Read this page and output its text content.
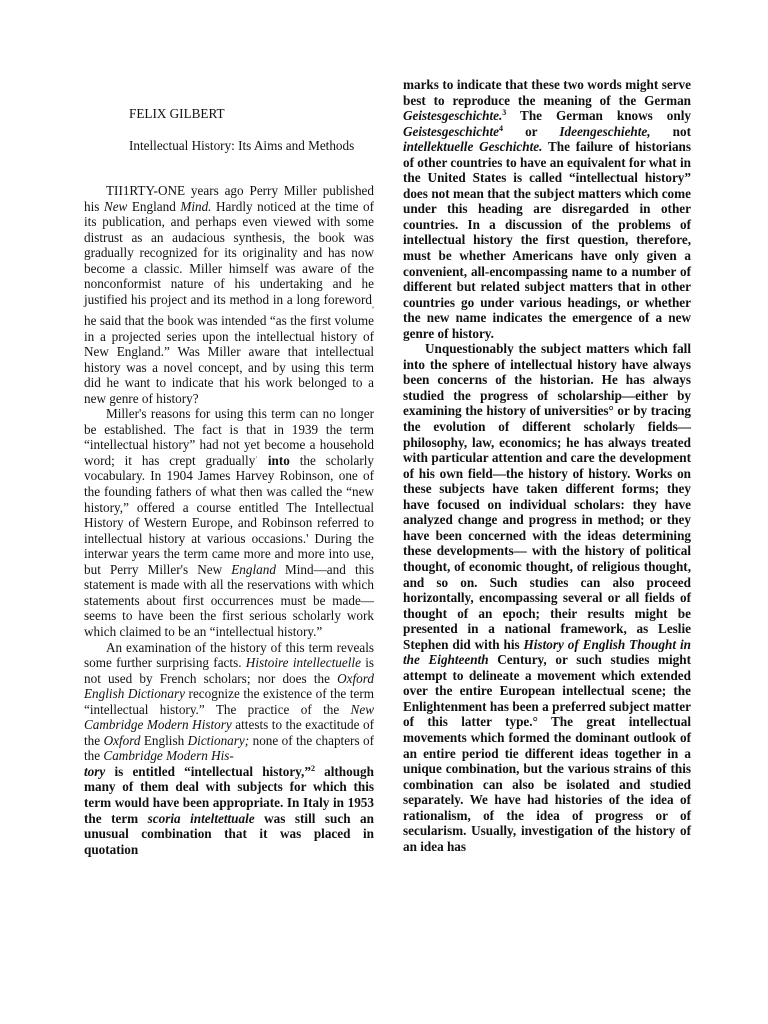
FELIX GILBERT

Intellectual History: Its Aims and Methods

TII1RTY-ONE years ago Perry Miller published his New England Mind. Hardly noticed at the time of its publication, and perhaps even viewed with some distrust as an audacious synthesis, the book was gradually recognized for its originality and has now become a classic. Miller himself was aware of the nonconformist nature of his undertaking and he justified his project and its method in a long foreword$_,$ he said that the book was intended “as the first volume in a projected series upon the intellectual history of New England.” Was Miller aware that intellectual history was a novel concept, and by using this term did he want to indicate that his work belonged to a new genre of history?

Miller's reasons for using this term can no longer be established. The fact is that in 1939 the term “intellectual history” had not yet become a household word; it has crept gradually· into the scholarly vocabulary. In 1904 James Harvey Robinson, one of the founding fathers of what then was called the “new history,” offered a course entitled The Intellectual History of Western Europe, and Robinson referred to intellectual history at various occasions.' During the interwar years the term came more and more into use, but Perry Miller's New England Mind—and this statement is made with all the reservations with which statements about first occurrences must be made—seems to have been the first serious scholarly work which claimed to be an “intellectual history.”

An examination of the history of this term reveals some further surprising facts. Histoire intellectuelle is not used by French scholars; nor does the Oxford English Dictionary recognize the existence of the term “intellectual history.” The practice of the New Cambridge Modern History attests to the exactitude of the Oxford English Dictionary; none of the chapters of the Cambridge Modern His-
tory is entitled “intellectual history,”$^2$ although many of them deal with subjects for which this term would have been appropriate. In Italy in 1953 the term scoria inteltettuale was still such an unusual combination that it was placed in quotation

marks to indicate that these two words might serve best to reproduce the meaning of the German Geistesgeschichte.$^3$ The German knows only Geistesgeschichte$^4$ or Ideengeschiehte, not intellektuelle Geschichte. The failure of historians of other countries to have an equivalent for what in the United States is called “intellectual history” does not mean that the subject matters which come under this heading are disregarded in other countries. In a discussion of the problems of intellectual history the first question, therefore, must be whether Americans have only given a convenient, all-encompassing name to a number of different but related subject matters that in other countries go under various headings, or whether the new name indicates the emergence of a new genre of history.

Unquestionably the subject matters which fall into the sphere of intellectual history have always been concerns of the historian. He has always studied the progress of scholarship—either by examining the history of universities° or by tracing the evolution of different scholarly fields—philosophy, law, economics; he has always treated with particular attention and care the development of his own field—the history of history. Works on these subjects have taken different forms; they have focused on individual scholars: they have analyzed change and progress in method; or they have been concerned with the ideas determining these developments— with the history of political thought, of economic thought, of religious thought, and so on. Such studies can also proceed horizontally, encompassing several or all fields of thought of an epoch; their results might be presented in a national framework, as Leslie Stephen did with his History of English Thought in the Eighteenth Century, or such studies might attempt to delineate a movement which extended over the entire European intellectual scene; the Enlightenment has been a preferred subject matter of this latter type.° The great intellectual movements which formed the dominant outlook of an entire period tie different ideas together in a unique combination, but the various strains of this combination can also be isolated and studied separately. We have had histories of the idea of rationalism, of the idea of progress or of secularism. Usually, investigation of the history of an idea has
